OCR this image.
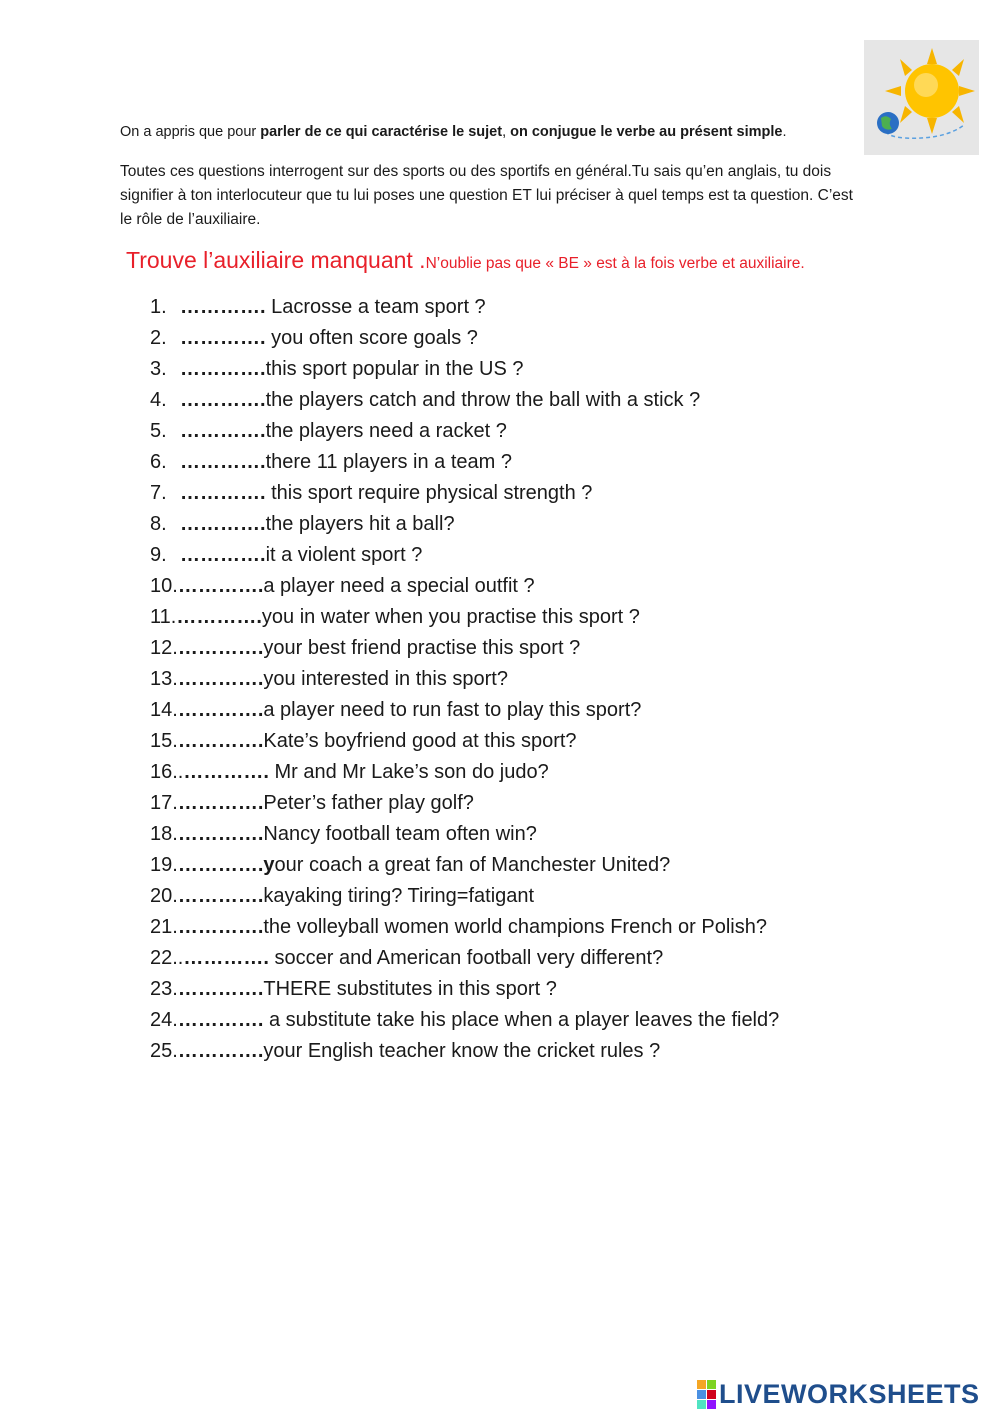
On a appris que pour parler de ce qui caractérise le sujet, on conjugue le verbe au présent simple.
Toutes ces questions interrogent sur des sports ou des sportifs en général.Tu sais qu’en anglais, tu dois signifier à ton interlocuteur que tu lui poses une question ET lui préciser à quel temps est ta question. C’est le rôle de l’auxiliaire.
Trouve l’auxiliaire manquant .N’oublie pas que « BE » est à la fois verbe et auxiliaire.
1. …………. Lacrosse a team sport ?
2. …………. you often score goals ?
3. ………….this sport popular in the US ?
4. ………….the players catch and throw the ball with a stick ?
5. ………….the players need a racket ?
6. ………….there 11 players in a team ?
7. …………. this sport require physical strength ?
8. ………….the players hit a ball?
9. ………….it a violent sport ?
10.………….a player need a special outfit ?
11.………….you in water when you practise this sport ?
12.………….your best friend practise this sport ?
13.………….you interested in this sport?
14.………….a player need to run fast to play this sport?
15.………….Kate’s boyfriend good at this sport?
16..…………. Mr and Mr Lake’s son do judo?
17.………….Peter’s father play golf?
18.………….Nancy football team often win?
19.………….your coach a great fan of Manchester United?
20.………….kayaking tiring? Tiring=fatigant
21.………….the volleyball women world champions French or Polish?
22..…………. soccer and American football very different?
23.………….THERE substitutes in this sport ?
24.…………. a substitute take his place when a player leaves the field?
25.………….your English teacher know the cricket rules ?
LIVEWORKSHEETS
